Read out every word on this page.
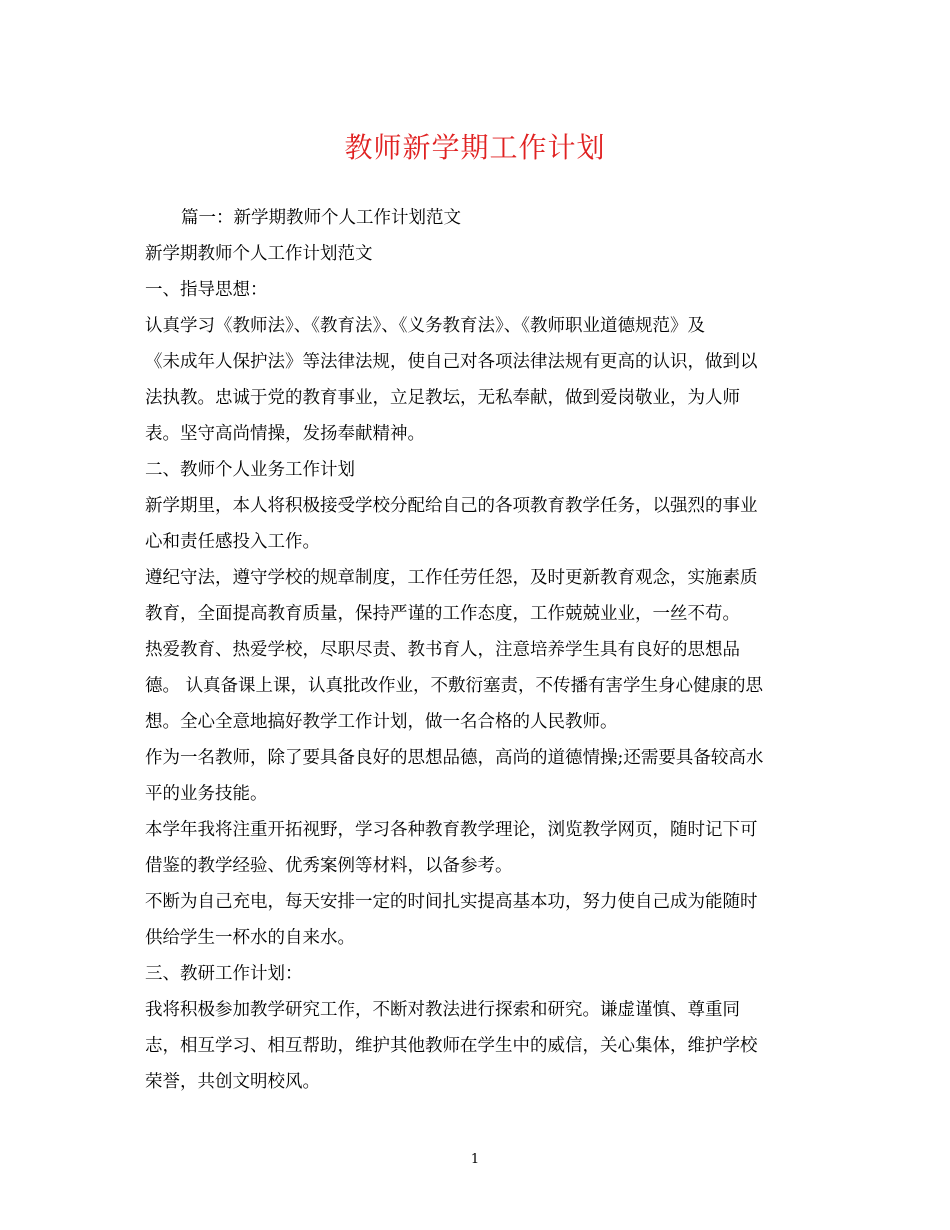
教师新学期工作计划
篇一：新学期教师个人工作计划范文
新学期教师个人工作计划范文
一、指导思想：
认真学习《教师法》、《教育法》、《义务教育法》、《教师职业道德规范》及
《未成年人保护法》等法律法规，使自己对各项法律法规有更高的认识，做到以
法执教。忠诚于党的教育事业，立足教坛，无私奉献，做到爱岗敬业，为人师
表。坚守高尚情操，发扬奉献精神。
二、教师个人业务工作计划
新学期里，本人将积极接受学校分配给自己的各项教育教学任务，以强烈的事业
心和责任感投入工作。
遵纪守法，遵守学校的规章制度，工作任劳任怨，及时更新教育观念，实施素质
教育，全面提高教育质量，保持严谨的工作态度，工作兢兢业业，一丝不苟。
热爱教育、热爱学校，尽职尽责、教书育人，注意培养学生具有良好的思想品
德。 认真备课上课，认真批改作业，不敷衍塞责，不传播有害学生身心健康的思
想。全心全意地搞好教学工作计划，做一名合格的人民教师。
作为一名教师，除了要具备良好的思想品德，高尚的道德情操;还需要具备较高水
平的业务技能。
本学年我将注重开拓视野，学习各种教育教学理论，浏览教学网页，随时记下可
借鉴的教学经验、优秀案例等材料，以备参考。
不断为自己充电，每天安排一定的时间扎实提高基本功，努力使自己成为能随时
供给学生一杯水的自来水。
三、教研工作计划：
我将积极参加教学研究工作，不断对教法进行探索和研究。谦虚谨慎、尊重同
志，相互学习、相互帮助，维护其他教师在学生中的威信，关心集体，维护学校
荣誉，共创文明校风。
1
